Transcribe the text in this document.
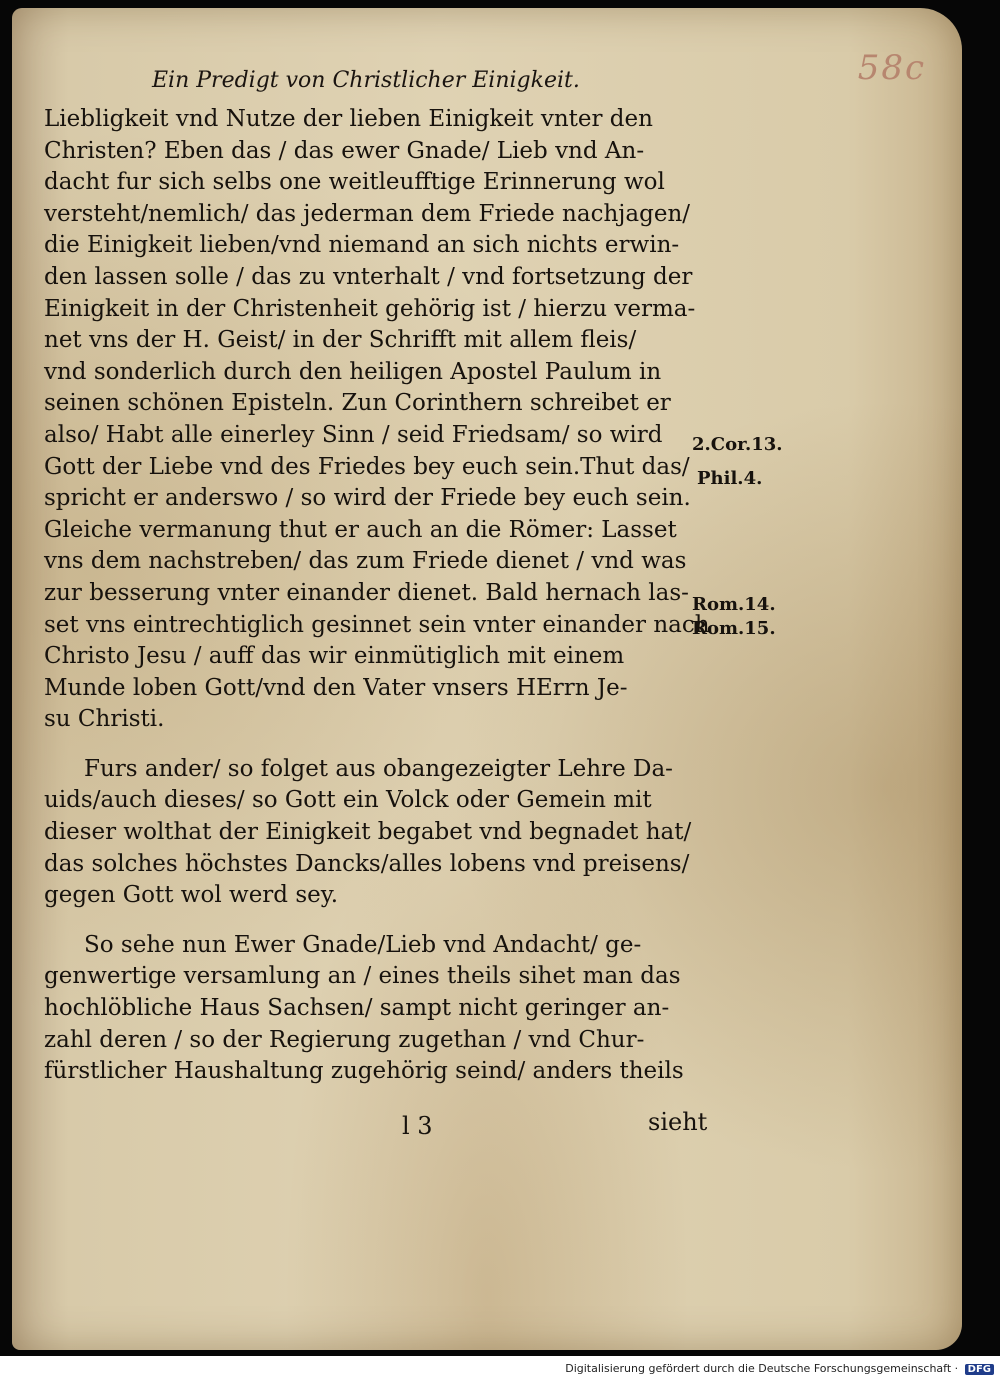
58c
Ein Predigt von Christlicher Einigkeit.
Liebligkeit vnd Nutze der lieben Einigkeit vnter den
Christen? Eben das / das ewer Gnade/ Lieb vnd An-
dacht fur sich selbs one weitleufftige Erinnerung wol
versteht/nemlich/ das jederman dem Friede nachjagen/
die Einigkeit lieben/vnd niemand an sich nichts erwin-
den lassen solle / das zu vnterhalt / vnd fortsetzung der
Einigkeit in der Christenheit gehörig ist / hierzu verma-
net vns der H. Geist/ in der Schrifft mit allem fleis/
vnd sonderlich durch den heiligen Apostel Paulum in
seinen schönen Episteln. Zun Corinthern schreibet er
also/ Habt alle einerley Sinn / seid Friedsam/ so wird
Gott der Liebe vnd des Friedes bey euch sein.Thut das/
spricht er anderswo / so wird der Friede bey euch sein.
Gleiche vermanung thut er auch an die Römer: Lasset
vns dem nachstreben/ das zum Friede dienet / vnd was
zur besserung vnter einander dienet. Bald hernach las-
set vns eintrechtiglich gesinnet sein vnter einander nach
Christo Jesu / auff das wir einmütiglich mit einem
Munde loben Gott/vnd den Vater vnsers HErrn Je-
su Christi.
Furs ander/ so folget aus obangezeigter Lehre Da-
uids/auch dieses/ so Gott ein Volck oder Gemein mit
dieser wolthat der Einigkeit begabet vnd begnadet hat/
das solches höchstes Dancks/alles lobens vnd preisens/
gegen Gott wol werd sey.
So sehe nun Ewer Gnade/Lieb vnd Andacht/ ge-
genwertige versamlung an / eines theils sihet man das
hochlöbliche Haus Sachsen/ sampt nicht geringer an-
zahl deren / so der Regierung zugethan / vnd Chur-
fürstlicher Haushaltung zugehörig seind/ anders theils
2.Cor.13.
Phil.4.
Rom.14.
Rom.15.
l 3	sieht
Digitalisierung gefördert durch die Deutsche Forschungsgemeinschaft · DFG
